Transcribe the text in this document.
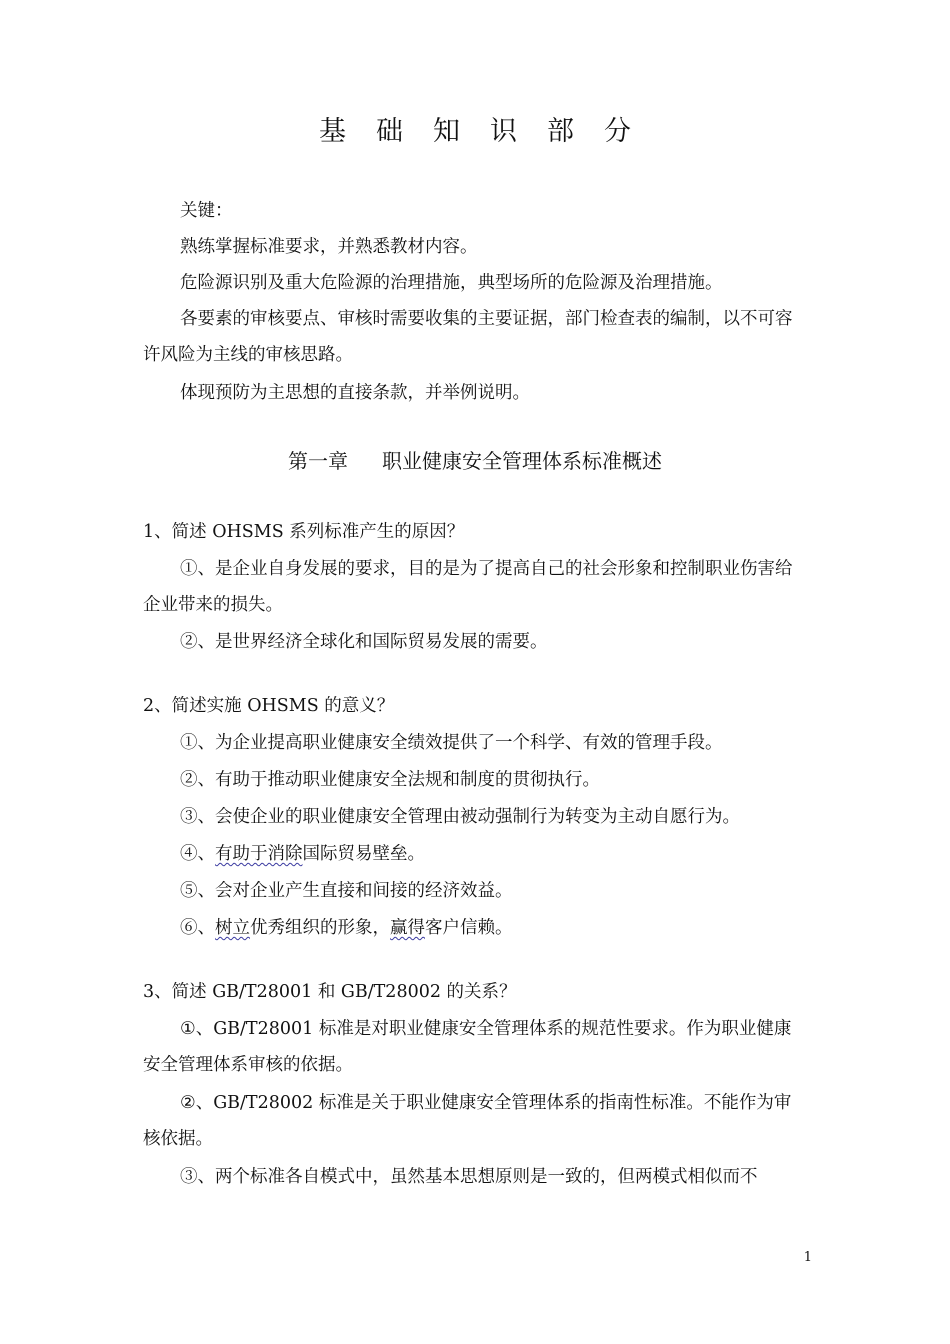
基础知识部分

关键：

熟练掌握标准要求，并熟悉教材内容。

危险源识别及重大危险源的治理措施，典型场所的危险源及治理措施。

各要素的审核要点、审核时需要收集的主要证据，部门检查表的编制，以不可容许风险为主线的审核思路。

体现预防为主思想的直接条款，并举例说明。

第一章 职业健康安全管理体系标准概述

1、简述 OHSMS 系列标准产生的原因？

①、是企业自身发展的要求，目的是为了提高自己的社会形象和控制职业伤害给企业带来的损失。

②、是世界经济全球化和国际贸易发展的需要。

2、简述实施 OHSMS 的意义？

①、为企业提高职业健康安全绩效提供了一个科学、有效的管理手段。

②、有助于推动职业健康安全法规和制度的贯彻执行。

③、会使企业的职业健康安全管理由被动强制行为转变为主动自愿行为。

④、有助于消除国际贸易壁垒。

⑤、会对企业产生直接和间接的经济效益。

⑥、树立优秀组织的形象，赢得客户信赖。

3、简述 GB/T28001 和 GB/T28002 的关系？

①、GB/T28001 标准是对职业健康安全管理体系的规范性要求。作为职业健康安全管理体系审核的依据。

②、GB/T28002 标准是关于职业健康安全管理体系的指南性标准。不能作为审核依据。

③、两个标准各自模式中，虽然基本思想原则是一致的，但两模式相似而不

1
